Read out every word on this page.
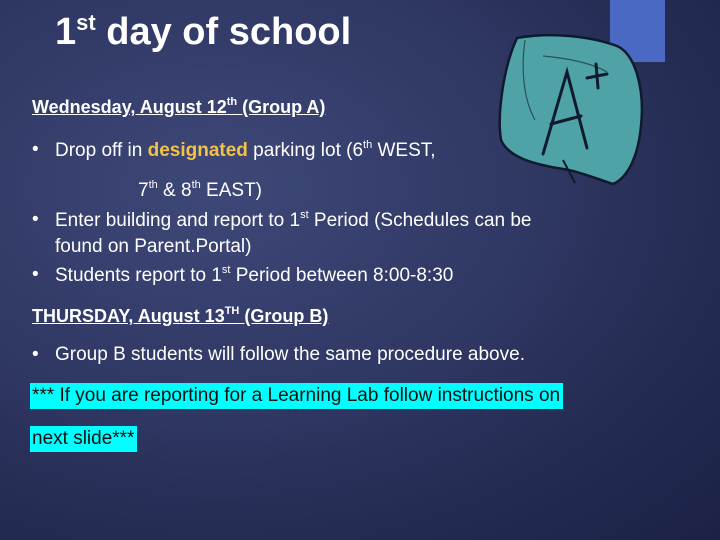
1st day of school
Wednesday, August 12th (Group A)
• Drop off in designated parking lot (6th WEST,
7th & 8th EAST)
• Enter building and report to 1st Period (Schedules can be
found on Parent.Portal)
• Students report to 1st Period between 8:00-8:30
THURSDAY, August 13TH (Group B)
• Group B students will follow the same procedure above.
*** If you are reporting for a Learning Lab follow instructions on
next slide***
